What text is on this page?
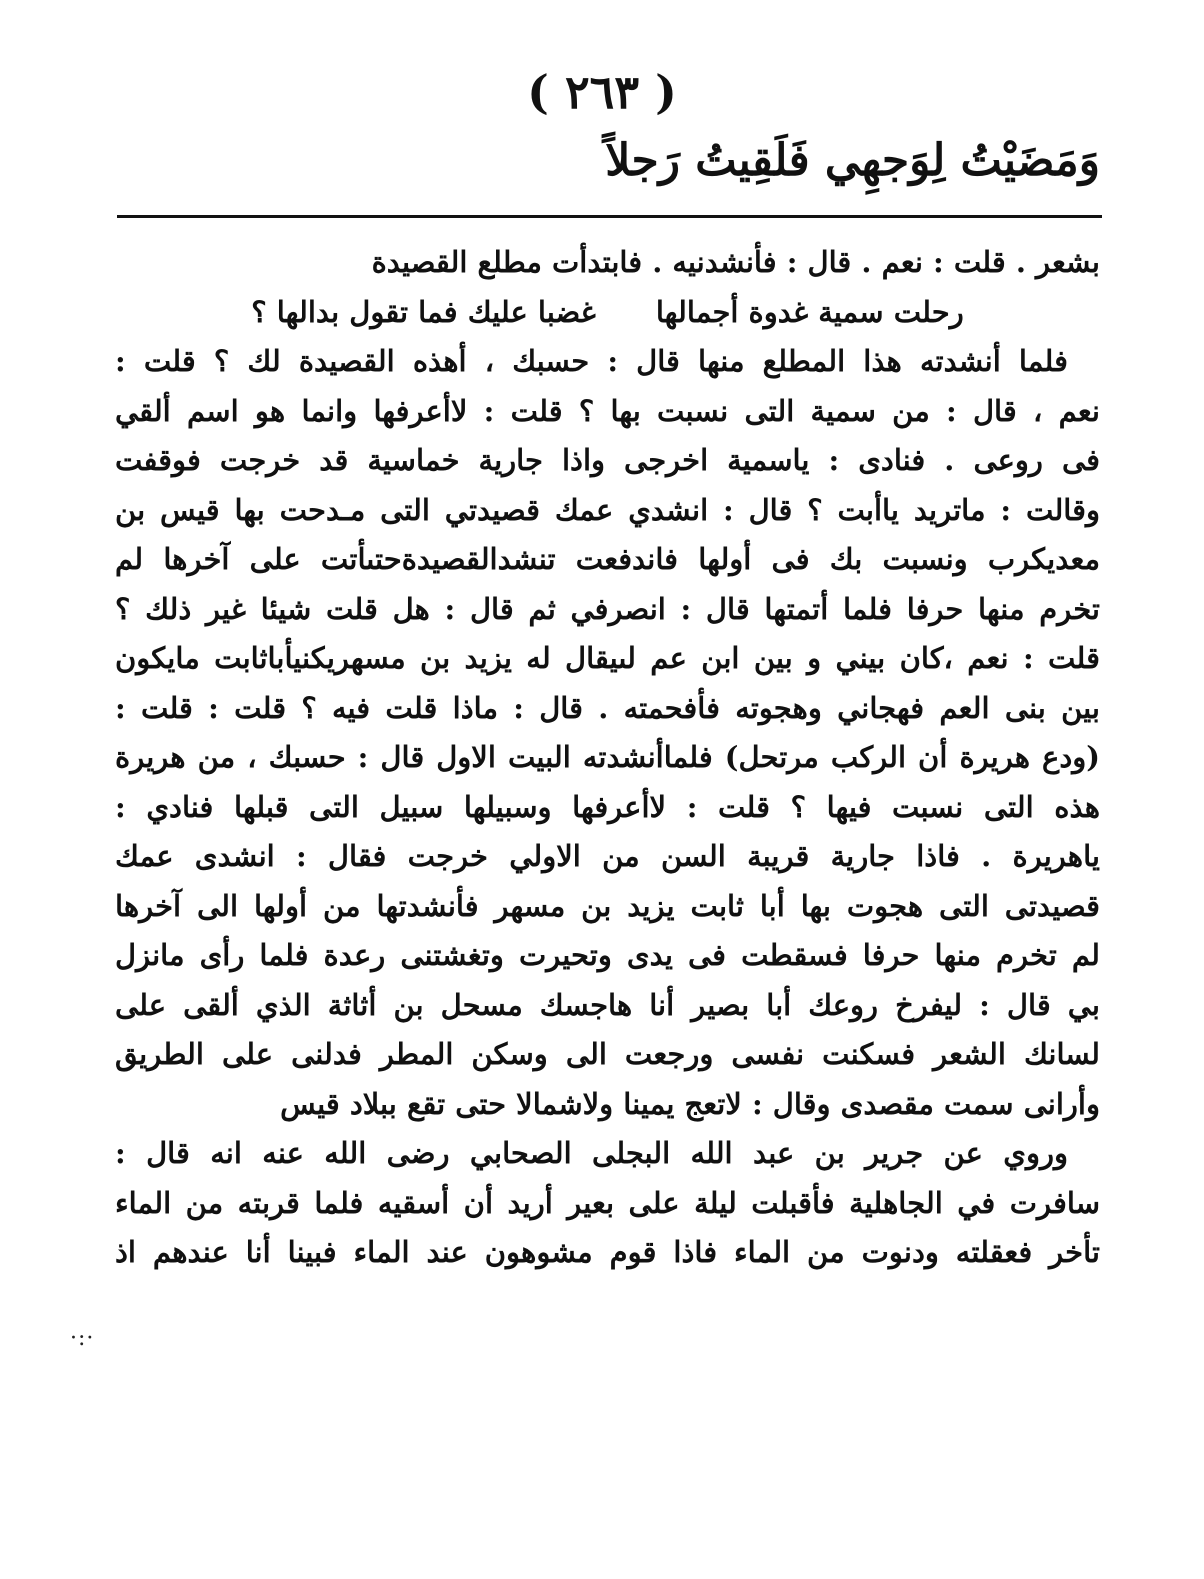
( ٢٦٣ )
وَمَضَيْتُ لِوَجهِي فَلَقِيتُ رَجلاً
بشعر . قلت : نعم . قال : فأنشدنيه . فابتدأت مطلع القصيدة
رحلت سمية غدوة أجمالها
غضبا عليك فما تقول بدالها ؟
فلما أنشدته هذا المطلع منها قال : حسبك ، أهذه القصيدة لك ؟ قلت :
نعم ، قال : من سمية التى نسبت بها ؟ قلت : لاأعرفها وانما هو اسم ألقي
فى روعى . فنادى : ياسمية اخرجى واذا جارية خماسية قد خرجت فوقفت
وقالت : ماتريد ياأبت ؟ قال : انشدي عمك قصيدتي التى مـدحت بها قيس بن
معديكرب ونسبت بك فى أولها فاندفعت تنشدالقصيدةحتىأتت على آخرها لم
تخرم منها حرفا فلما أتمتها قال : انصرفي ثم قال : هل قلت شيئا غير ذلك ؟
قلت : نعم ،كان بيني و بين ابن عم لىيقال له يزيد بن مسهريكنيأباثابت مايكون
بين بنى العم فهجاني وهجوته فأفحمته . قال : ماذا قلت فيه ؟ قلت : قلت :
(ودع هريرة أن الركب مرتحل) فلماأنشدته البيت الاول قال : حسبك ، من هريرة
هذه التى نسبت فيها ؟ قلت : لاأعرفها وسبيلها سبيل التى قبلها فنادي :
ياهريرة . فاذا جارية قريبة السن من الاولي خرجت فقال : انشدى عمك
قصيدتى التى هجوت بها أبا ثابت يزيد بن مسهر فأنشدتها من أولها الى آخرها
لم تخرم منها حرفا فسقطت فى يدى وتحيرت وتغشتنى رعدة فلما رأى مانزل
بي قال : ليفرخ روعك أبا بصير أنا هاجسك مسحل بن أثاثة الذي ألقى على
لسانك الشعر فسكنت نفسى ورجعت الى وسكن المطر فدلنى على الطريق
وأرانى سمت مقصدى وقال : لاتعج يمينا ولاشمالا حتى تقع ببلاد قيس
وروي عن جرير بن عبد الله البجلى الصحابي رضى الله عنه انه قال :
سافرت في الجاهلية فأقبلت ليلة على بعير أريد أن أسقيه فلما قربته من الماء
تأخر فعقلته ودنوت من الماء فاذا قوم مشوهون عند الماء فبينا أنا عندهم اذ
·:·
